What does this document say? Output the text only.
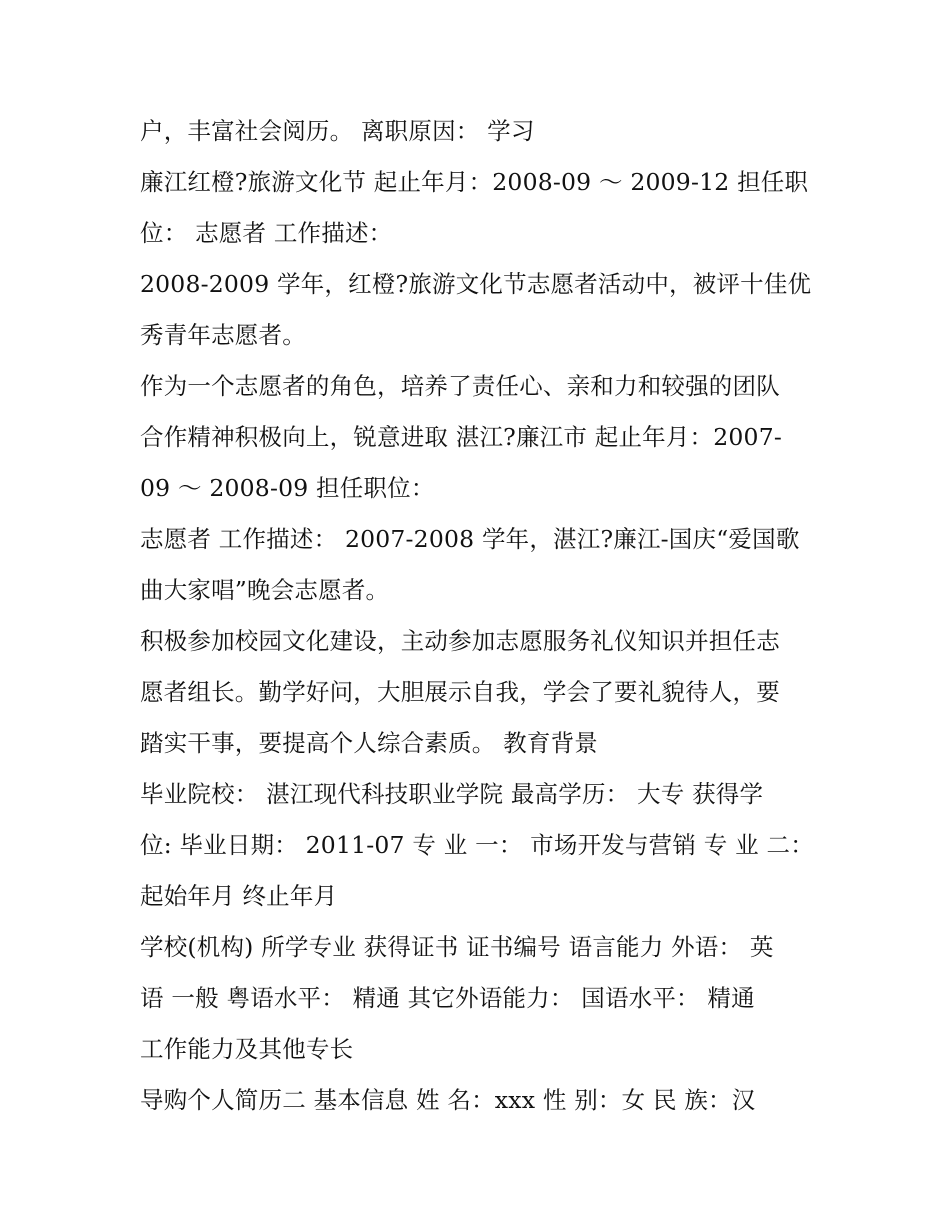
户，丰富社会阅历。 离职原因： 学习
廉江红橙?旅游文化节 起止年月：2008-09 ～ 2009-12 担任职
位： 志愿者 工作描述：
2008-2009 学年，红橙?旅游文化节志愿者活动中，被评十佳优
秀青年志愿者。
作为一个志愿者的角色，培养了责任心、亲和力和较强的团队
合作精神积极向上，锐意进取 湛江?廉江市 起止年月：2007-
09 ～ 2008-09 担任职位：
志愿者 工作描述： 2007-2008 学年，湛江?廉江-国庆“爱国歌
曲大家唱”晚会志愿者。
积极参加校园文化建设，主动参加志愿服务礼仪知识并担任志
愿者组长。勤学好问，大胆展示自我，学会了要礼貌待人，要
踏实干事，要提高个人综合素质。 教育背景
毕业院校： 湛江现代科技职业学院 最高学历： 大专 获得学
位: 毕业日期： 2011-07 专 业 一： 市场开发与营销 专 业 二：
起始年月 终止年月
学校(机构) 所学专业 获得证书 证书编号 语言能力 外语： 英
语 一般 粤语水平： 精通 其它外语能力： 国语水平： 精通
工作能力及其他专长
导购个人简历二 基本信息 姓 名：xxx 性 别：女 民 族：汉
